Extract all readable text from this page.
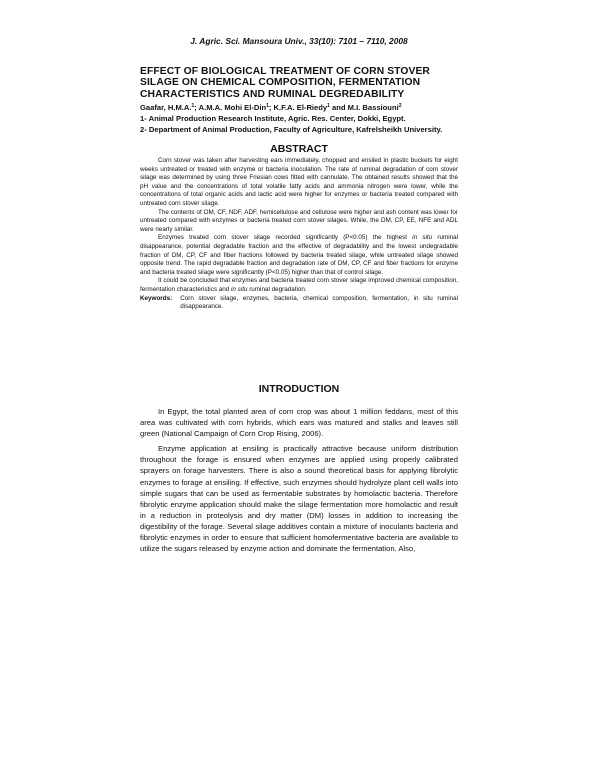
J. Agric. Sci. Mansoura Univ., 33(10): 7101 – 7110, 2008

EFFECT OF BIOLOGICAL TREATMENT OF CORN STOVER

SILAGE ON CHEMICAL COMPOSITION, FERMENTATION

CHARACTERISTICS AND RUMINAL DEGREDABILITY

Gaafar, H.M.A.$^1$; A.M.A. Mohi El-Din$^1$; K.F.A. El-Riedy$^1$ and M.I. Bassiouni$^2$

1- Animal Production Research Institute, Agric. Res. Center, Dokki, Egypt.

2- Department of Animal Production, Faculty of Agriculture, Kafrelsheikh University.

ABSTRACT

Corn stover was taken after harvesting ears immediately, chopped and ensiled in plastic buckets for eight weeks untreated or treated with enzyme or bacteria inoculation. The rate of ruminal degradation of corn stover silage was determined by using three Friesian cows fitted with cannulate. The obtained results showed that the pH value and the concentrations of total volatile fatty acids and ammonia nitrogen were lower, while the concentrations of total organic acids and lactic acid were higher for enzymes or bacteria treated compared with untreated corn stover silage.

The contents of OM, CF, NDF, ADF, hemicellulose and cellulose were higher and ash content was lower for untreated compared with enzymes or bacteria treated corn stover silages. While, the DM, CP, EE, NFE and ADL were nearly similar.

Enzymes treated corn stover silage recorded significantly (P<0.05) the highest in situ ruminal disappearance, potential degradable fraction and the effective of degradability and the lowest undegradable fraction of DM, CP, CF and fiber fractions followed by bacteria treated silage, while untreated silage showed opposite trend. The rapid degradable fraction and degradation rate of DM, CP, CF and fiber fractions for enzyme and bacteria treated silage were significantly (P<0.05) higher than that of control silage.

It could be concluded that enzymes and bacteria treated corn stover silage improved chemical composition, fermentation characteristics and in situ ruminal degradation.

Keywords:	Corn stover silage, enzymes, bacteria, chemical composition, fermentation, in situ ruminal disappearance.
INTRODUCTION

In Egypt, the total planted area of corn crop was about 1 million feddans, most of this area was cultivated with corn hybrids, which ears was matured and stalks and leaves still green (National Campaign of Corn Crop Rising, 2006).

Enzyme application at ensiling is practically attractive because uniform distribution throughout the forage is ensured when enzymes are applied using properly calibrated sprayers on forage harvesters. There is also a sound theoretical basis for applying fibrolytic enzymes to forage at ensiling. If effective, such enzymes should hydrolyze plant cell walls into simple sugars that can be used as fermentable substrates by homolactic bacteria. Therefore fibrolytic enzyme application should make the silage fermentation more homolactic and result in a reduction in proteolysis and dry matter (DM) losses in addition to increasing the digestibility of the forage. Several silage additives contain a mixture of inoculants bacteria and fibrolytic enzymes in order to ensure that sufficient homofermentative bacteria are available to utilize the sugars released by enzyme action and dominate the fermentation. Also,
